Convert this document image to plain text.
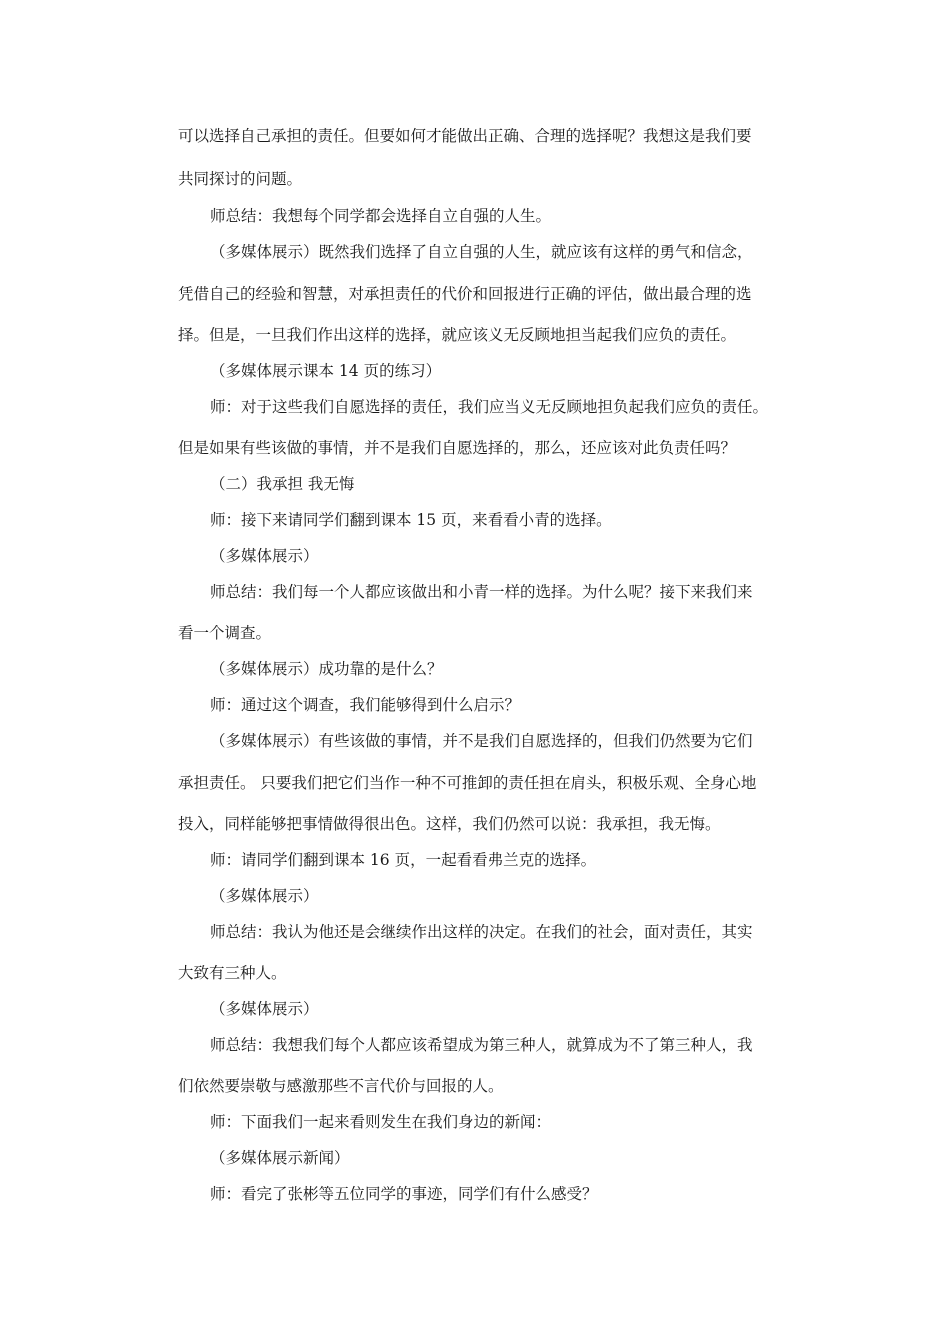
可以选择自己承担的责任。但要如何才能做出正确、合理的选择呢？我想这是我们要
共同探讨的问题。
师总结：我想每个同学都会选择自立自强的人生。
（多媒体展示）既然我们选择了自立自强的人生，就应该有这样的勇气和信念，
凭借自己的经验和智慧，对承担责任的代价和回报进行正确的评估，做出最合理的选
择。但是，一旦我们作出这样的选择，就应该义无反顾地担当起我们应负的责任。
（多媒体展示课本 14 页的练习）
师：对于这些我们自愿选择的责任，我们应当义无反顾地担负起我们应负的责任。
但是如果有些该做的事情，并不是我们自愿选择的，那么，还应该对此负责任吗？
（二）我承担 我无悔
师：接下来请同学们翻到课本 15 页，来看看小青的选择。
（多媒体展示）
师总结：我们每一个人都应该做出和小青一样的选择。为什么呢？接下来我们来
看一个调查。
（多媒体展示）成功靠的是什么？
师：通过这个调查，我们能够得到什么启示？
（多媒体展示）有些该做的事情，并不是我们自愿选择的，但我们仍然要为它们
承担责任。 只要我们把它们当作一种不可推卸的责任担在肩头，积极乐观、全身心地
投入，同样能够把事情做得很出色。这样，我们仍然可以说：我承担，我无悔。
师：请同学们翻到课本 16 页，一起看看弗兰克的选择。
（多媒体展示）
师总结：我认为他还是会继续作出这样的决定。在我们的社会，面对责任，其实
大致有三种人。
（多媒体展示）
师总结：我想我们每个人都应该希望成为第三种人，就算成为不了第三种人，我
们依然要崇敬与感激那些不言代价与回报的人。
师：下面我们一起来看则发生在我们身边的新闻：
（多媒体展示新闻）
师：看完了张彬等五位同学的事迹，同学们有什么感受？
